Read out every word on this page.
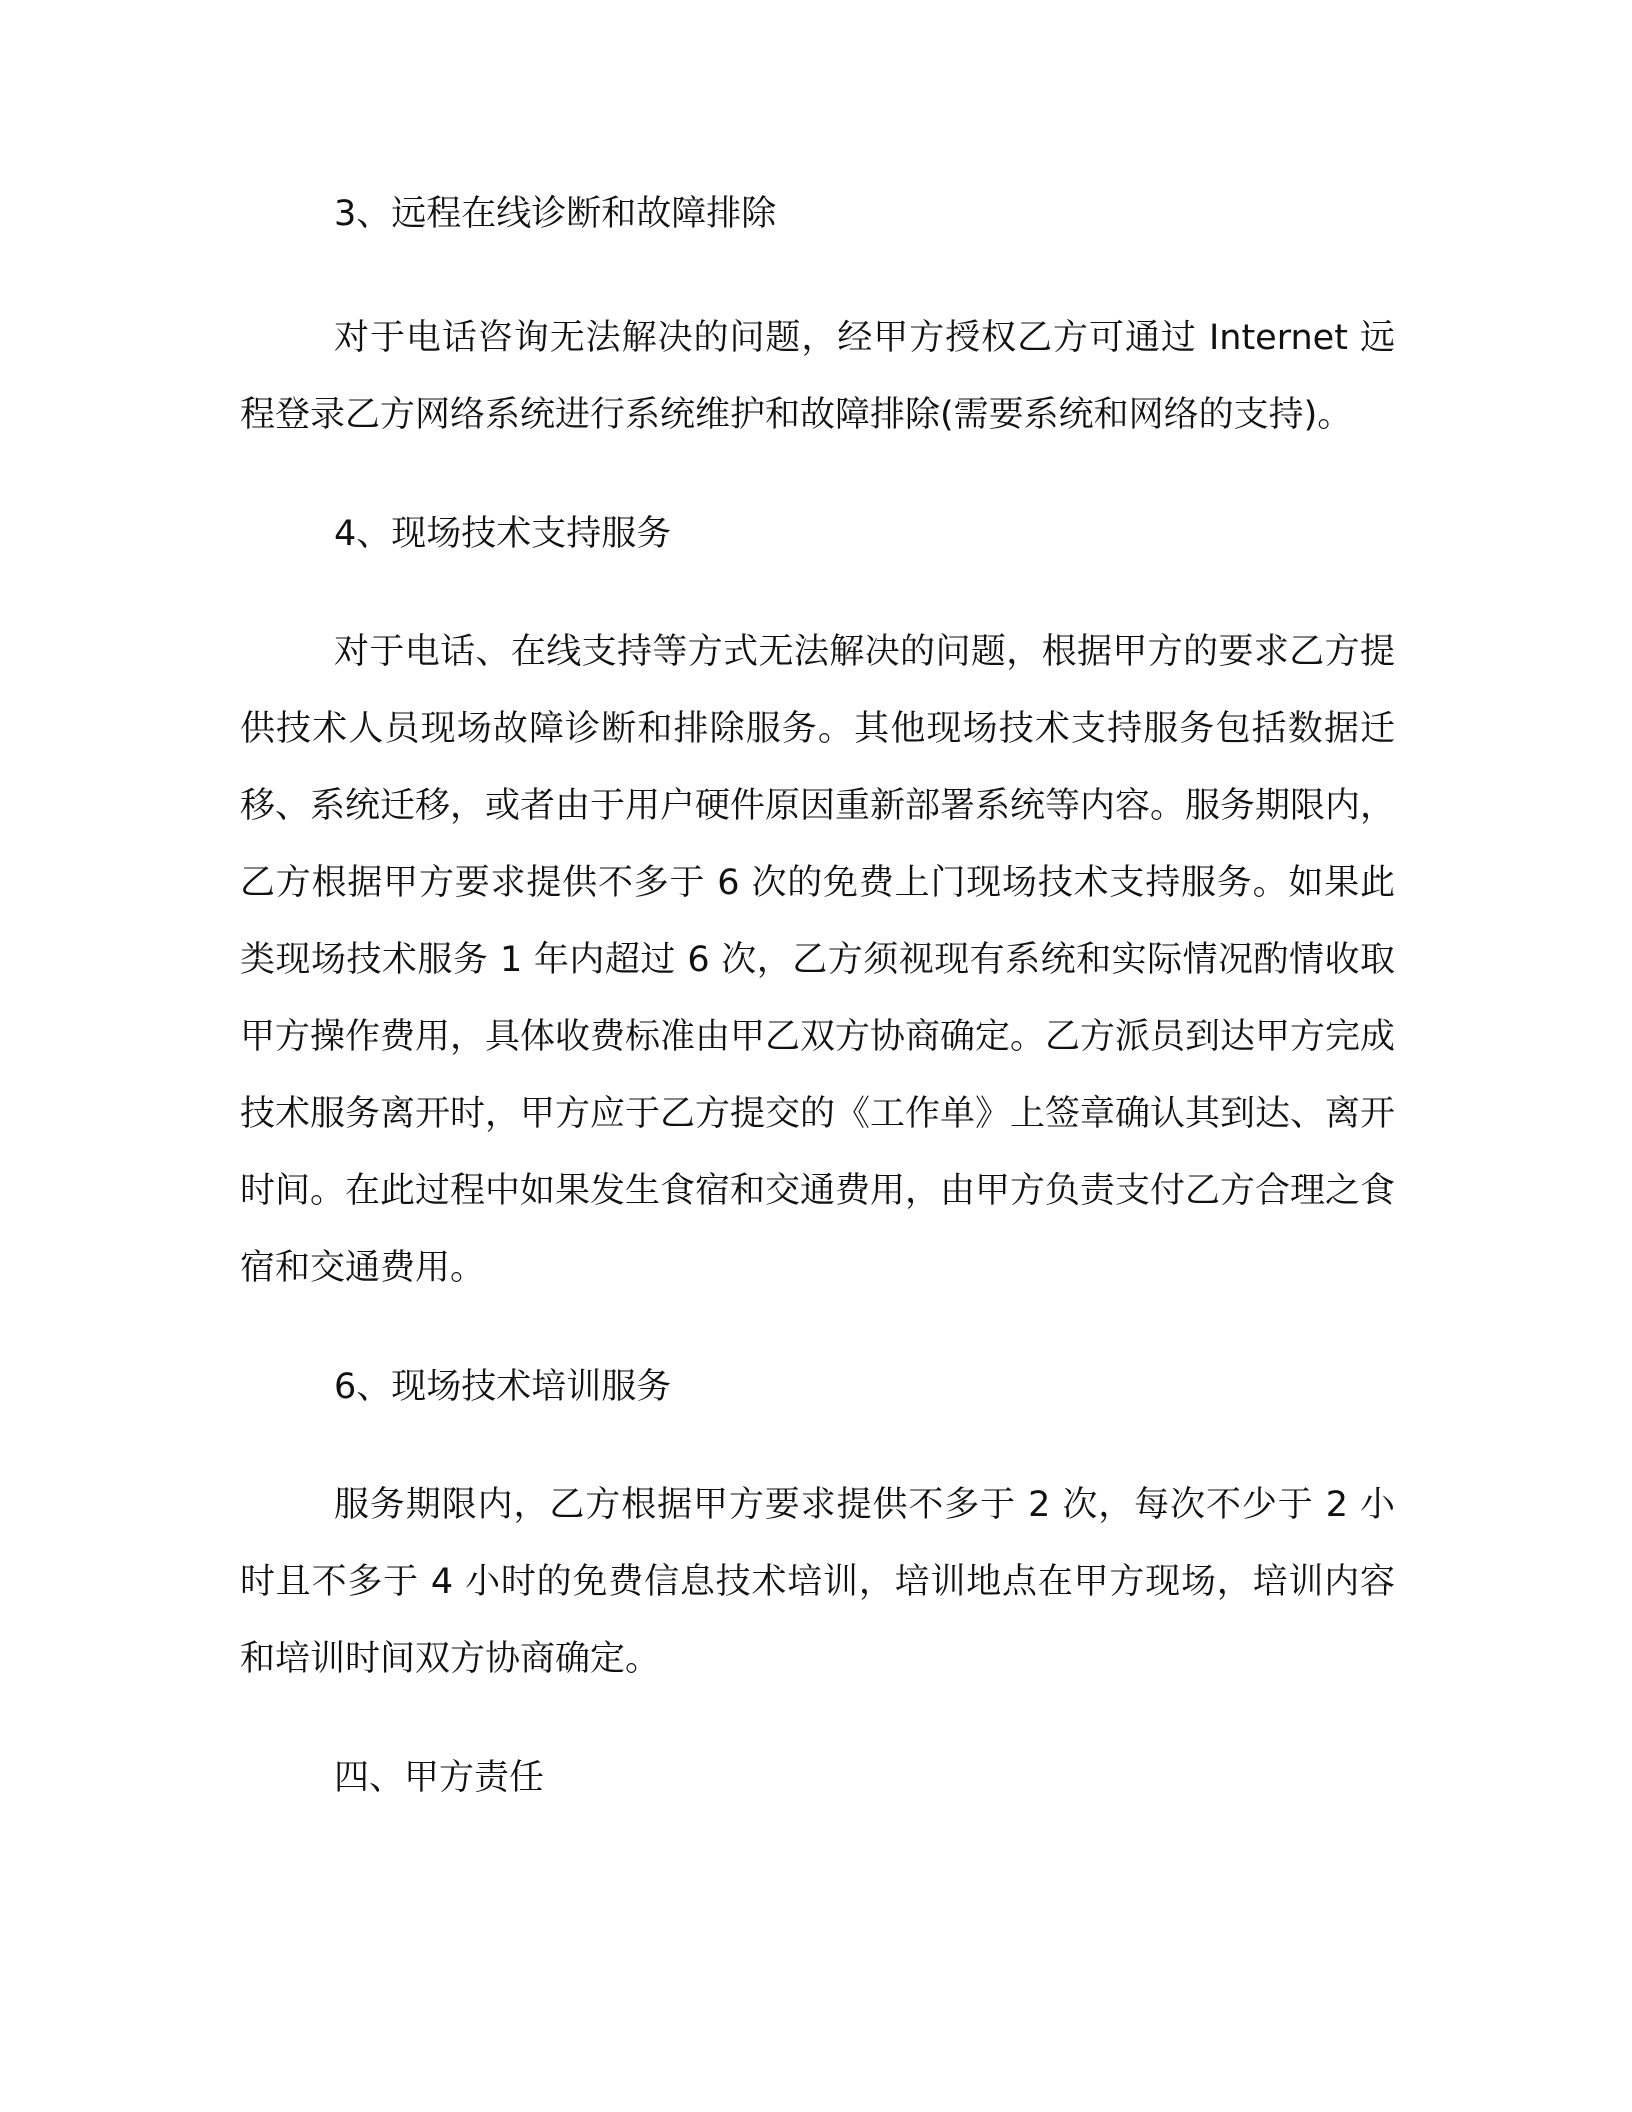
3、远程在线诊断和故障排除

对于电话咨询无法解决的问题，经甲方授权乙方可通过 Internet 远程登录乙方网络系统进行系统维护和故障排除(需要系统和网络的支持)。

4、现场技术支持服务

对于电话、在线支持等方式无法解决的问题，根据甲方的要求乙方提供技术人员现场故障诊断和排除服务。其他现场技术支持服务包括数据迁移、系统迁移，或者由于用户硬件原因重新部署系统等内容。服务期限内，乙方根据甲方要求提供不多于 6 次的免费上门现场技术支持服务。如果此类现场技术服务 1 年内超过 6 次，乙方须视现有系统和实际情况酌情收取甲方操作费用，具体收费标准由甲乙双方协商确定。乙方派员到达甲方完成技术服务离开时，甲方应于乙方提交的《工作单》上签章确认其到达、离开时间。在此过程中如果发生食宿和交通费用，由甲方负责支付乙方合理之食宿和交通费用。

6、现场技术培训服务

服务期限内，乙方根据甲方要求提供不多于 2 次，每次不少于 2 小时且不多于 4 小时的免费信息技术培训，培训地点在甲方现场，培训内容和培训时间双方协商确定。

四、甲方责任
